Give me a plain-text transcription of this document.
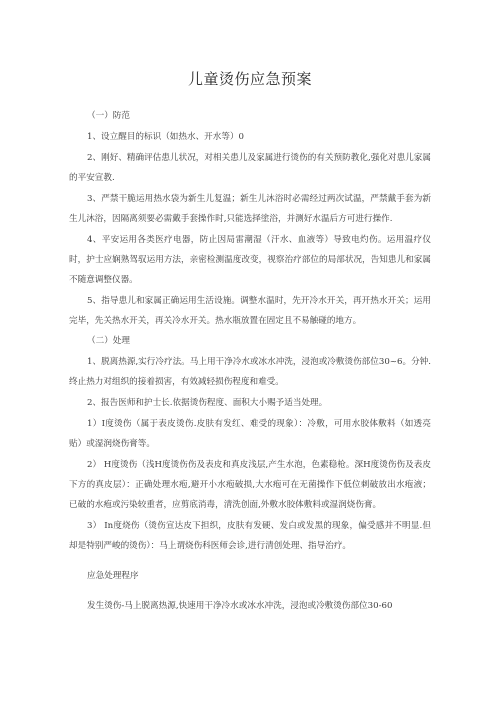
儿童烫伤应急预案

（一）防范

1、设立醒目的标识（如热水、开水等）0

2、刚好、精确评估患儿状况，对相关患儿及家属进行烫伤的有关预防教化,强化对患儿家属的平安宣教.

3、严禁干脆运用热水袋为新生儿复温；新生儿沐浴时必需经过两次试温，严禁戴手套为新生儿沐浴，因隔离须要必需戴手套操作时,只能选择塗浴，并测好水温后方可进行操作.

4、平安运用各类医疗电器，防止因局雷潮湿（汗水、血液等）导致电灼伤。运用温疗仪时，护士应娴熟驾驭运用方法，亲密检测温度改变，视察治疗部位的局部状况，告知患儿和家属不随意调整仪器。

5、指导患儿和家属正确运用生活设施。调整水温时，先开冷水开关，再开热水开关；运用完毕，先关热水开关，再关冷水开关。热水瓶放置在固定且不易触碰的地方。

（二）处理

1、脱离热源,实行冷疗法。马上用干净冷水或冰水冲洗，浸泡或冷敷烫伤部位30~6。分钟.终止热力对组织的接着损害，有效减轻损伤程度和难受。

2、报告医师和护士长.依据烫伤程度、面积大小赐予适当处理。

1）I度烫伤（属于表皮烫伤.皮肤有发红、难受的现象）：冷敷，可用水胶体敷料（如透亮贴）或湿润烧伤膏等。

2） H度烫伤（浅H度烫伤伤及表皮和真皮浅层,产生水泡，色素稳枪。深H度烫伤伤及表皮下方的真皮层）：正确处理水疱,避开小水疱破损,大水疱可在无菌操作下低位刺破放出水疱液；已破的水疱或污染较重者，应剪底消毒，清洗创面,外敷水胶体敷料或湿润烧伤膏。

3） In度烧伤（烫伤宣达皮下担织，皮肤有发硬、发白或发黑的现象，偏受感并不明显.但却是特别严峻的烫伤）：马上谓烧伤科医师会诊,进行清创处理、指导治疗。

应急处理程序

发生烫伤-马上脱离热源,快速用干净冷水或冰水冲洗，浸泡或冷敷烫伤部位30-60
